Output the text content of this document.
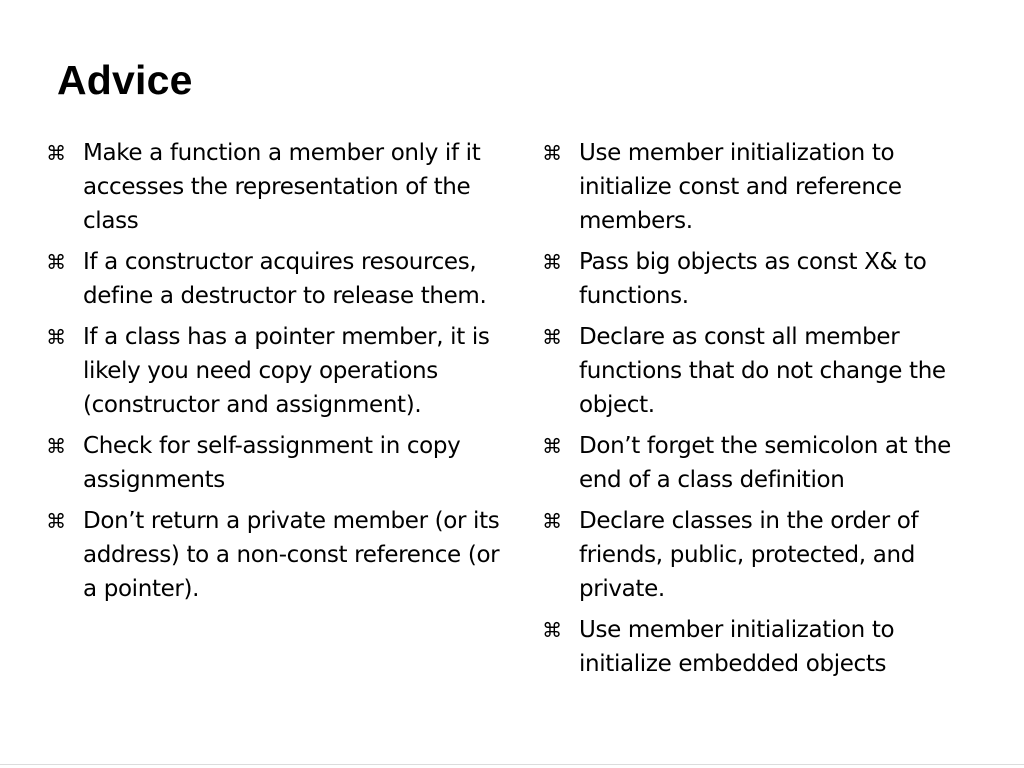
Advice
⌘ Make a function a member only if it accesses the representation of the class
⌘ If a constructor acquires resources, define a destructor to release them.
⌘ If a class has a pointer member, it is likely you need copy operations (constructor and assignment).
⌘ Check for self-assignment in copy assignments
⌘ Don’t return a private member (or its address) to a non-const reference (or a pointer).
⌘ Use member initialization to initialize const and reference members.
⌘ Pass big objects as const X& to functions.
⌘ Declare as const all member functions that do not change the object.
⌘ Don’t forget the semicolon at the end of a class definition
⌘ Declare classes in the order of friends, public, protected, and private.
⌘ Use member initialization to initialize embedded objects
